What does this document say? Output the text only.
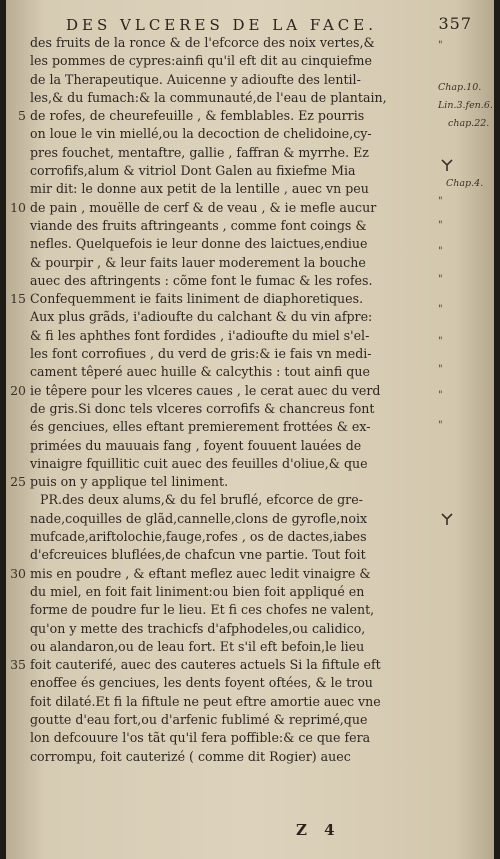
DES VLCERES DE LA FACE.	357
des fruits de la ronce & de l'efcorce des noix vertes,&
les pommes de cypres:ainfi qu'il eft dit au cinquiefme
de la Therapeutique. Auicenne y adioufte des lentil-
les,& du fumach:& la communauté,de l'eau de plantain,
5 de rofes, de cheurefeuille , & femblables. Ez pourris
on loue le vin miellé,ou la decoction de chelidoine,cy-
pres fouchet, mentaftre, gallie , faffran & myrrhe. Ez
corrofifs,alum & vitriol Dont Galen au fixiefme Mia
mir dit: le donne aux petit de la lentille , auec vn peu
10 de pain , mouëlle de cerf & de veau , & ie mefle aucur
viande des fruits aftringeants , comme font coings &
nefles. Quelquefois ie leur donne des laictues,endiue
& pourpir , & leur faits lauer moderement la bouche
auec des aftringents : cõme font le fumac & les rofes.
15 Confequemment ie faits liniment de diaphoretiques.
Aux plus grãds, i'adioufte du calchant & du vin afpre:
& fi les aphthes font fordides , i'adioufte du miel s'el-
les font corrofiues , du verd de gris:& ie fais vn medi-
cament têperé auec huille & calcythis : tout ainfi que
20 ie têpere pour les vlceres caues , le cerat auec du verd
de gris.Si donc tels vlceres corrofifs & chancreus font
és genciues, elles eftant premierement frottées & ex-
primées du mauuais fang , foyent fouuent lauées de
vinaigre fquillitic cuit auec des feuilles d'oliue,& que
25 puis on y applique tel liniment.
PR.des deux alums,& du fel bruflé, efcorce de gre-
nade,coquilles de glãd,cannelle,clons de gyrofle,noix
mufcade,ariftolochie,fauge,rofes , os de dactes,iabes
d'efcreuices bluflées,de chafcun vne partie. Tout foit
30 mis en poudre , & eftant meflez auec ledit vinaigre &
du miel, en foit fait liniment:ou bien foit appliqué en
forme de poudre fur le lieu. Et fi ces chofes ne valent,
qu'on y mette des trachicfs d'afphodeles,ou calidico,
ou alandaron,ou de leau fort. Et s'il eft befoin,le lieu
35 foit cauterifé, auec des cauteres actuels Si la fiftule eft
enoffee és genciues, les dents foyent oftées, & le trou
foit dilaté.Et fi la fiftule ne peut eftre amortie auec vne
goutte d'eau fort,ou d'arfenic fublimé & reprimé,que
lon defcouure l'os tãt qu'il fera poffible:& ce que fera
corrompu, foit cauterizé ( comme dit Rogier) auec
"
Chap.10.
Lin.3.fen.6.
chap.22.
Chap.4.
"
"
"
"
"
"
"
"
"
Z 4
